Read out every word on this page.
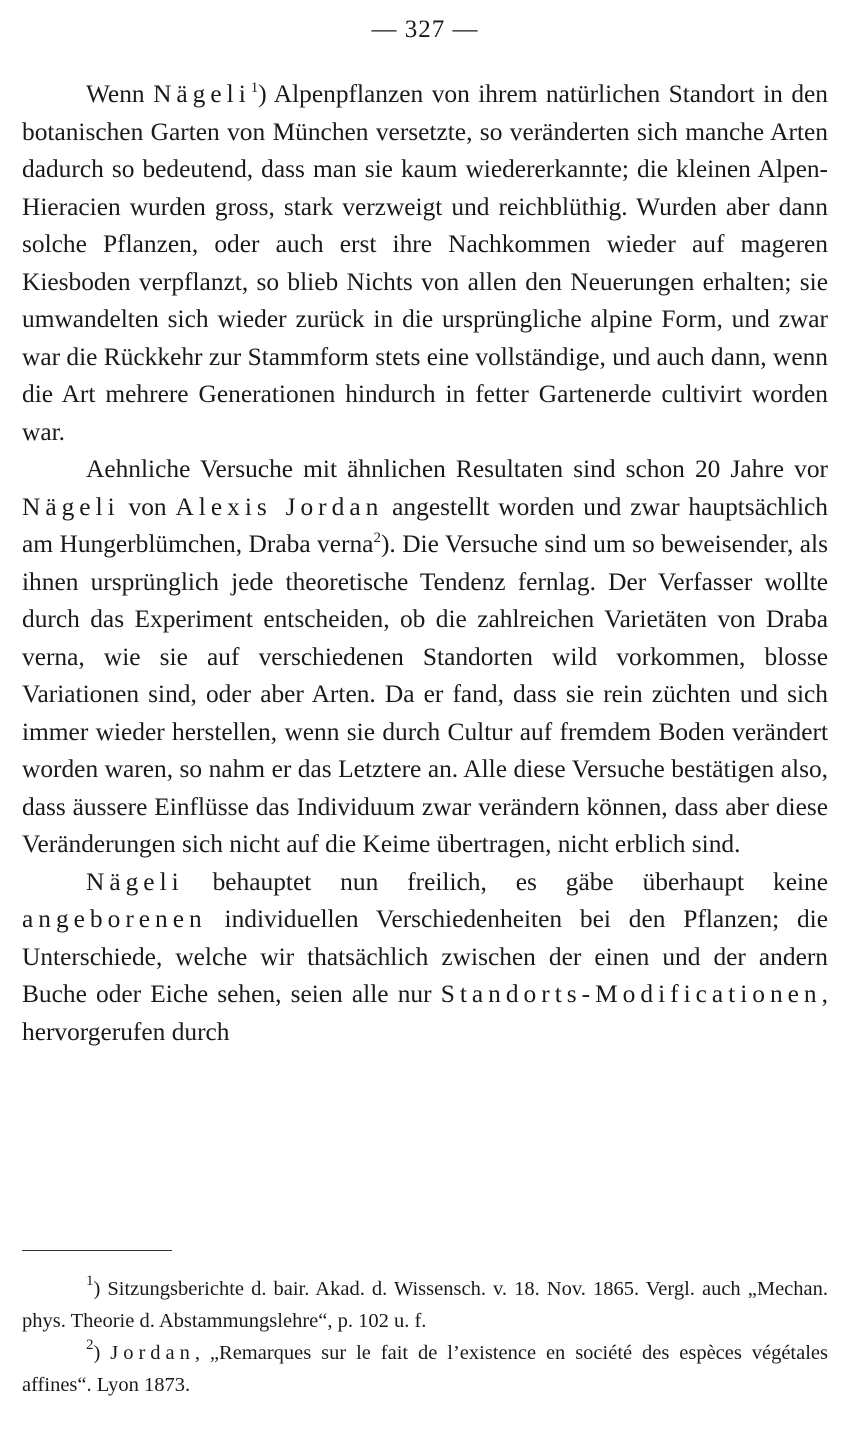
— 327 —

Wenn Nägeli$^1$) Alpenpflanzen von ihrem natürlichen Standort in den botanischen Garten von München versetzte, so veränderten sich manche Arten dadurch so bedeutend, dass man sie kaum wiedererkannte; die kleinen Alpen-Hieracien wurden gross, stark verzweigt und reichblüthig. Wurden aber dann solche Pflanzen, oder auch erst ihre Nachkommen wieder auf mageren Kiesboden verpflanzt, so blieb Nichts von allen den Neuerungen erhalten; sie umwandelten sich wieder zurück in die ursprüngliche alpine Form, und zwar war die Rückkehr zur Stammform stets eine vollständige, und auch dann, wenn die Art mehrere Generationen hindurch in fetter Gartenerde cultivirt worden war.

Aehnliche Versuche mit ähnlichen Resultaten sind schon 20 Jahre vor Nägeli von Alexis Jordan angestellt worden und zwar hauptsächlich am Hungerblümchen, Draba verna$^2$). Die Versuche sind um so beweisender, als ihnen ursprünglich jede theoretische Tendenz fernlag. Der Verfasser wollte durch das Experiment entscheiden, ob die zahlreichen Varietäten von Draba verna, wie sie auf verschiedenen Standorten wild vorkommen, blosse Variationen sind, oder aber Arten. Da er fand, dass sie rein züchten und sich immer wieder herstellen, wenn sie durch Cultur auf fremdem Boden verändert worden waren, so nahm er das Letztere an. Alle diese Versuche bestätigen also, dass äussere Einflüsse das Individuum zwar verändern können, dass aber diese Veränderungen sich nicht auf die Keime übertragen, nicht erblich sind.

Nägeli behauptet nun freilich, es gäbe überhaupt keine angeborenen individuellen Verschiedenheiten bei den Pflanzen; die Unterschiede, welche wir thatsächlich zwischen der einen und der andern Buche oder Eiche sehen, seien alle nur Standorts-Modificationen, hervorgerufen durch

$^1$) Sitzungsberichte d. bair. Akad. d. Wissensch. v. 18. Nov. 1865. Vergl. auch „Mechan. phys. Theorie d. Abstammungslehre“, p. 102 u. f.

$^2$) Jordan, „Remarques sur le fait de l’existence en société des espèces végétales affines“. Lyon 1873.
